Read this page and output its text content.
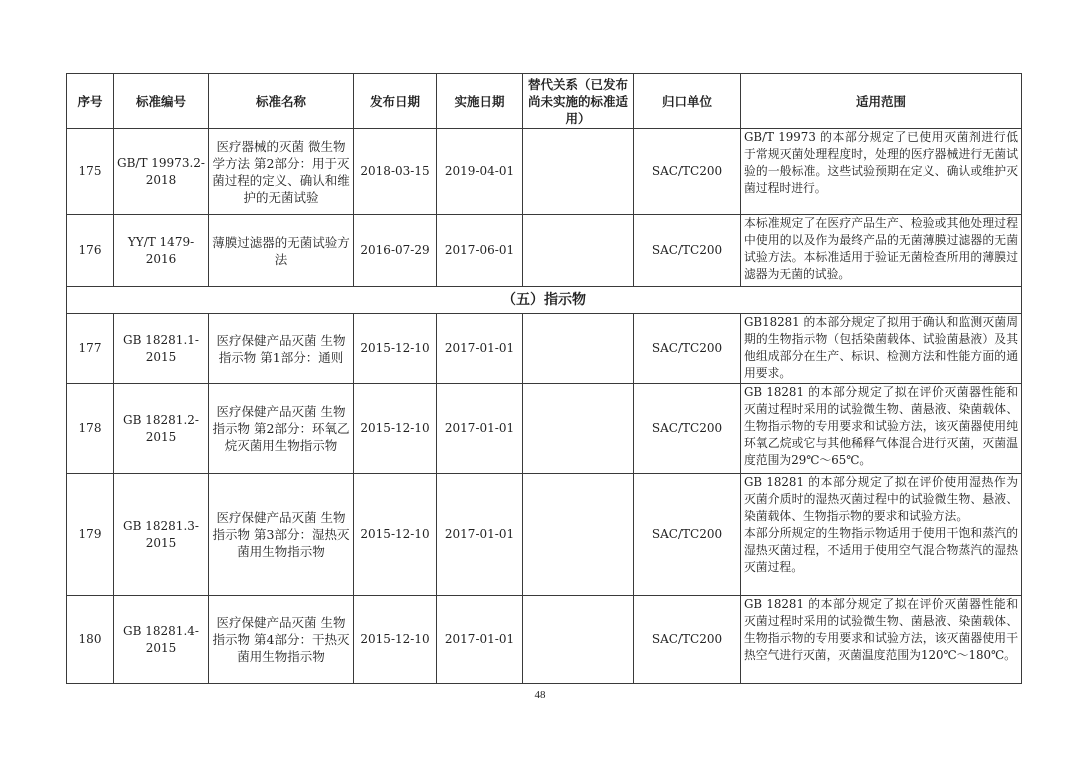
序号	标准编号	标准名称	发布日期	实施日期	替代关系（已发布尚未实施的标准适用）	归口单位	适用范围
175	GB/T 19973.2-2018	医疗器械的灭菌 微生物学方法 第2部分：用于灭菌过程的定义、确认和维护的无菌试验	2018-03-15	2019-04-01		SAC/TC200	GB/T 19973 的本部分规定了已使用灭菌剂进行低于常规灭菌处理程度时，处理的医疗器械进行无菌试验的一般标准。这些试验预期在定义、确认或维护灭菌过程时进行。

176	YY/T 1479-2016	薄膜过滤器的无菌试验方法	2016-07-29	2017-06-01		SAC/TC200	本标准规定了在医疗产品生产、检验或其他处理过程中使用的以及作为最终产品的无菌薄膜过滤器的无菌试验方法。本标准适用于验证无菌检查所用的薄膜过滤器为无菌的试验。

（五）指示物							
177	GB 18281.1-2015	医疗保健产品灭菌 生物指示物 第1部分：通则	2015-12-10	2017-01-01		SAC/TC200	GB18281 的本部分规定了拟用于确认和监测灭菌周期的生物指示物（包括染菌载体、试验菌悬液）及其他组成部分在生产、标识、检测方法和性能方面的通用要求。

178	GB 18281.2-2015	医疗保健产品灭菌 生物指示物 第2部分：环氧乙烷灭菌用生物指示物	2015-12-10	2017-01-01		SAC/TC200	GB 18281 的本部分规定了拟在评价灭菌器性能和灭菌过程时采用的试验微生物、菌悬液、染菌载体、生物指示物的专用要求和试验方法，该灭菌器使用纯环氧乙烷或它与其他稀释气体混合进行灭菌，灭菌温度范围为29℃～65℃。

179	GB 18281.3-2015	医疗保健产品灭菌 生物指示物 第3部分：湿热灭菌用生物指示物	2015-12-10	2017-01-01		SAC/TC200	GB 18281 的本部分规定了拟在评价使用湿热作为灭菌介质时的湿热灭菌过程中的试验微生物、悬液、染菌载体、生物指示物的要求和试验方法。
本部分所规定的生物指示物适用于使用干饱和蒸汽的湿热灭菌过程，不适用于使用空气混合物蒸汽的湿热灭菌过程。

180	GB 18281.4-2015	医疗保健产品灭菌 生物指示物 第4部分：干热灭菌用生物指示物	2015-12-10	2017-01-01		SAC/TC200	GB 18281 的本部分规定了拟在评价灭菌器性能和灭菌过程时采用的试验微生物、菌悬液、染菌载体、生物指示物的专用要求和试验方法，该灭菌器使用干热空气进行灭菌，灭菌温度范围为120℃～180℃。
48
